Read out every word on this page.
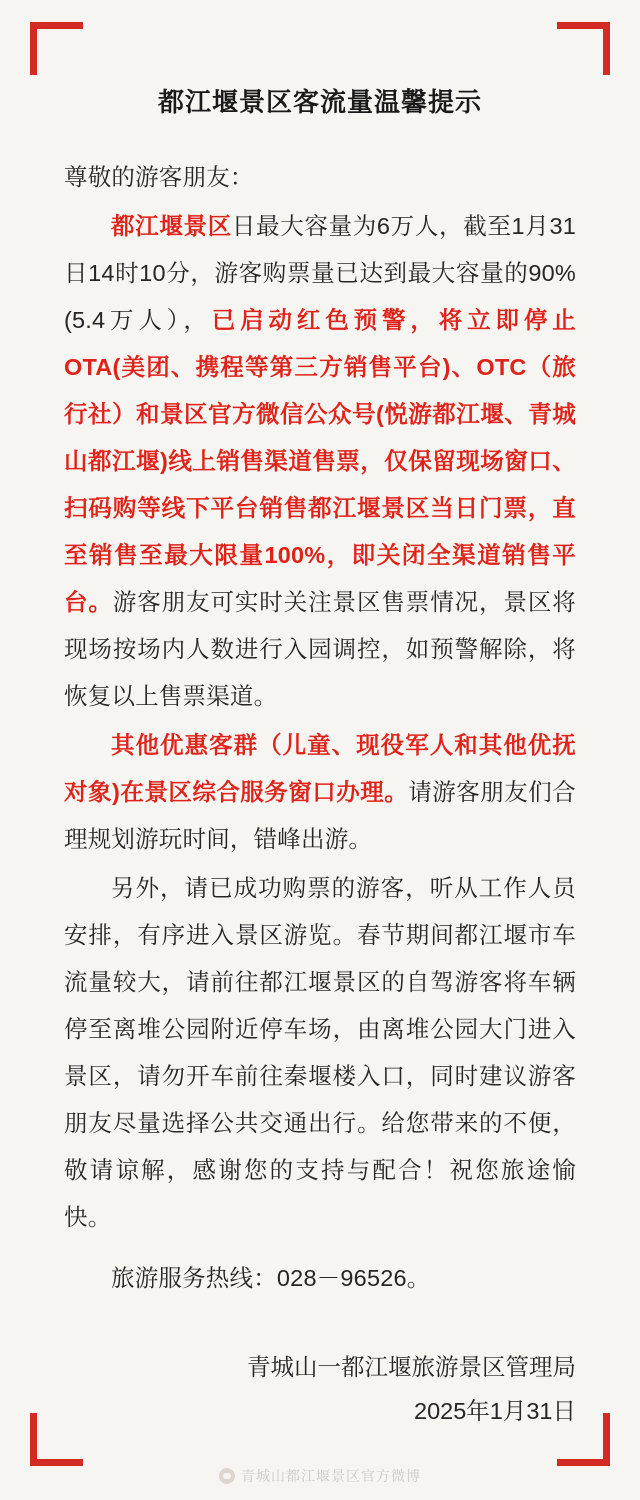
都江堰景区客流量温馨提示

尊敬的游客朋友：

都江堰景区日最大容量为6万人，截至1月31日14时10分，游客购票量已达到最大容量的90%(5.4万人），已启动红色预警，将立即停止OTA(美团、携程等第三方销售平台)、OTC（旅行社）和景区官方微信公众号(悦游都江堰、青城山都江堰)线上销售渠道售票，仅保留现场窗口、扫码购等线下平台销售都江堰景区当日门票，直至销售至最大限量100%，即关闭全渠道销售平台。游客朋友可实时关注景区售票情况，景区将现场按场内人数进行入园调控，如预警解除，将恢复以上售票渠道。

其他优惠客群（儿童、现役军人和其他优抚对象)在景区综合服务窗口办理。请游客朋友们合理规划游玩时间，错峰出游。

另外，请已成功购票的游客，听从工作人员安排，有序进入景区游览。春节期间都江堰市车流量较大，请前往都江堰景区的自驾游客将车辆停至离堆公园附近停车场，由离堆公园大门进入景区，请勿开车前往秦堰楼入口，同时建议游客朋友尽量选择公共交通出行。给您带来的不便，敬请谅解，感谢您的支持与配合！祝您旅途愉快。

旅游服务热线：028－96526。

青城山一都江堰旅游景区管理局
2025年1月31日
青城山都江堰景区官方微博
